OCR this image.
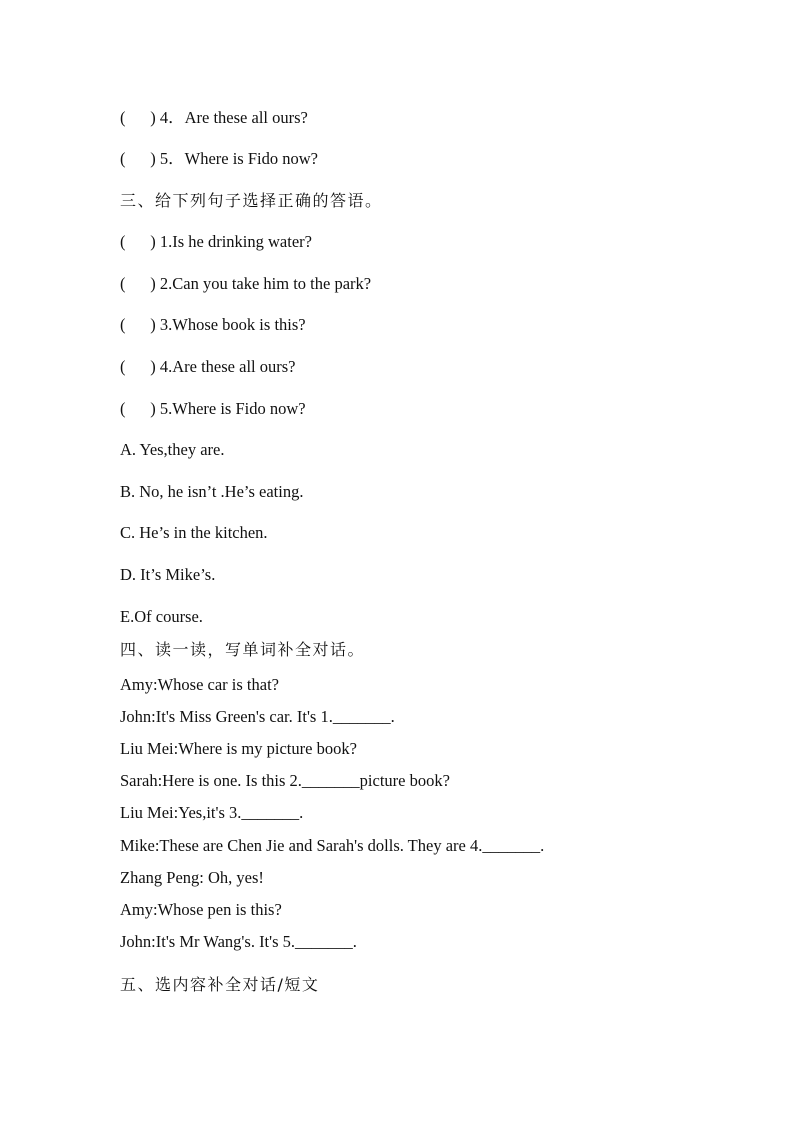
(      ) 4．Are these all ours?
(      ) 5．Where is Fido now?
三、给下列句子选择正确的答语。
(      ) 1.Is he drinking water?
(      ) 2.Can you take him to the park?
(      ) 3.Whose book is this?
(      ) 4.Are these all ours?
(      ) 5.Where is Fido now?
A. Yes,they are.
B. No, he isn’t .He’s eating.
C. He’s in the kitchen.
D. It’s Mike’s.
E.Of course.
四、读一读，写单词补全对话。
Amy:Whose car is that?
John:It's Miss Green's car. It's 1._______.
Liu Mei:Where is my picture book?
Sarah:Here is one. Is this 2._______picture book?
Liu Mei:Yes,it's 3._______.
Mike:These are Chen Jie and Sarah's dolls. They are 4._______.
Zhang Peng: Oh, yes!
Amy:Whose pen is this?
John:It's Mr Wang's. It's 5._______.
五、选内容补全对话/短文
